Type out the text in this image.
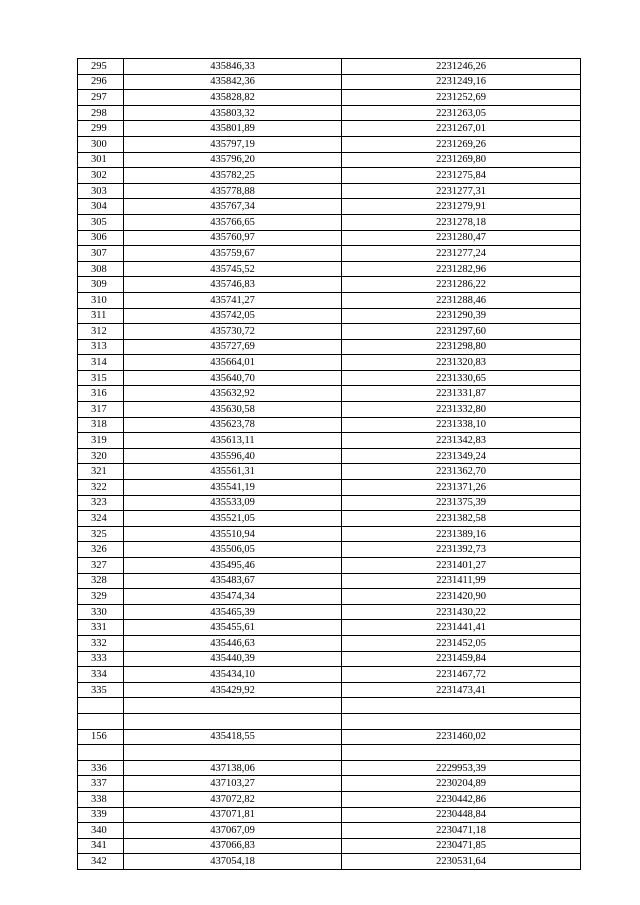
295	435846,33	2231246,26
296	435842,36	2231249,16
297	435828,82	2231252,69
298	435803,32	2231263,05
299	435801,89	2231267,01
300	435797,19	2231269,26
301	435796,20	2231269,80
302	435782,25	2231275,84
303	435778,88	2231277,31
304	435767,34	2231279,91
305	435766,65	2231278,18
306	435760,97	2231280,47
307	435759,67	2231277,24
308	435745,52	2231282,96
309	435746,83	2231286,22
310	435741,27	2231288,46
311	435742,05	2231290,39
312	435730,72	2231297,60
313	435727,69	2231298,80
314	435664,01	2231320,83
315	435640,70	2231330,65
316	435632,92	2231331,87
317	435630,58	2231332,80
318	435623,78	2231338,10
319	435613,11	2231342,83
320	435596,40	2231349,24
321	435561,31	2231362,70
322	435541,19	2231371,26
323	435533,09	2231375,39
324	435521,05	2231382,58
325	435510,94	2231389,16
326	435506,05	2231392,73
327	435495,46	2231401,27
328	435483,67	2231411,99
329	435474,34	2231420,90
330	435465,39	2231430,22
331	435455,61	2231441,41
332	435446,63	2231452,05
333	435440,39	2231459,84
334	435434,10	2231467,72
335	435429,92	2231473,41

156	435418,55	2231460,02

336	437138,06	2229953,39
337	437103,27	2230204,89
338	437072,82	2230442,86
339	437071,81	2230448,84
340	437067,09	2230471,18
341	437066,83	2230471,85
342	437054,18	2230531,64
